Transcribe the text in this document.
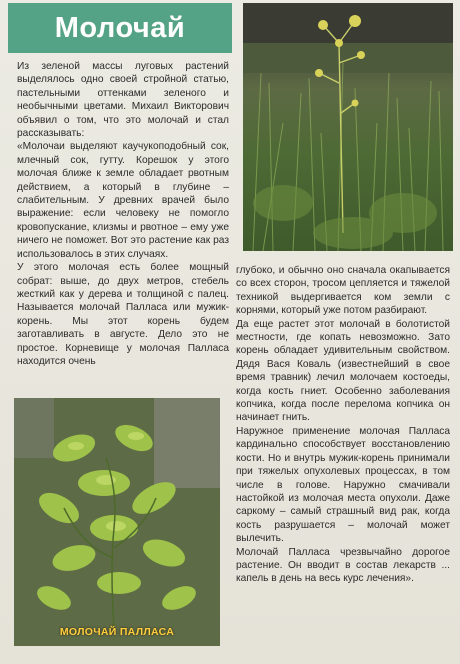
Молочай

Из зеленой массы луговых растений выделялось одно своей стройной статью, пастельными оттенками зеленого и необычными цветами. Михаил Викторович объявил о том, что это молочай и стал рассказывать:

«Молочаи выделяют каучукоподобный сок, млечный сок, гутту. Корешок у этого молочая ближе к земле обладает рвотным действием, а который в глубине – слабительным. У древних врачей было выражение: если человеку не помогло кровопускание, клизмы и рвотное – ему уже ничего не поможет. Вот это растение как раз использовалось в этих случаях.

У этого молочая есть более мощный собрат: выше, до двух метров, стебель жесткий как у дерева и толщиной с палец. Называется молочай Палласа или мужик-корень. Мы этот корень будем заготавливать в августе. Дело это не простое. Корневище у молочая Палласа находится очень

глубоко, и обычно оно сначала окапывается со всех сторон, тросом цепляется и тяжелой техникой выдергивается ком земли с корнями, который уже потом разбирают.

Да еще растет этот молочай в болотистой местности, где копать невозможно. Зато корень обладает удивительным свойством. Дядя Вася Коваль (известнейший в свое время травник) лечил молочаем костоеды, когда кость гниет. Особенно заболевания копчика, когда после перелома копчика он начинает гнить.

Наружное применение молочая Палласа кардинально способствует восстановлению кости. Но и внутрь мужик-корень принимали при тяжелых опухолевых процессах, в том числе в голове. Наружно смачивали настойкой из молочая места опухоли. Даже саркому – самый страшный вид рак, когда кость разрушается – молочай может вылечить.

Молочай Палласа чрезвычайно дорогое растение. Он вводит в состав лекарств ... капель в день на весь курс лечения».

МОЛОЧАЙ ПАЛЛАСА
